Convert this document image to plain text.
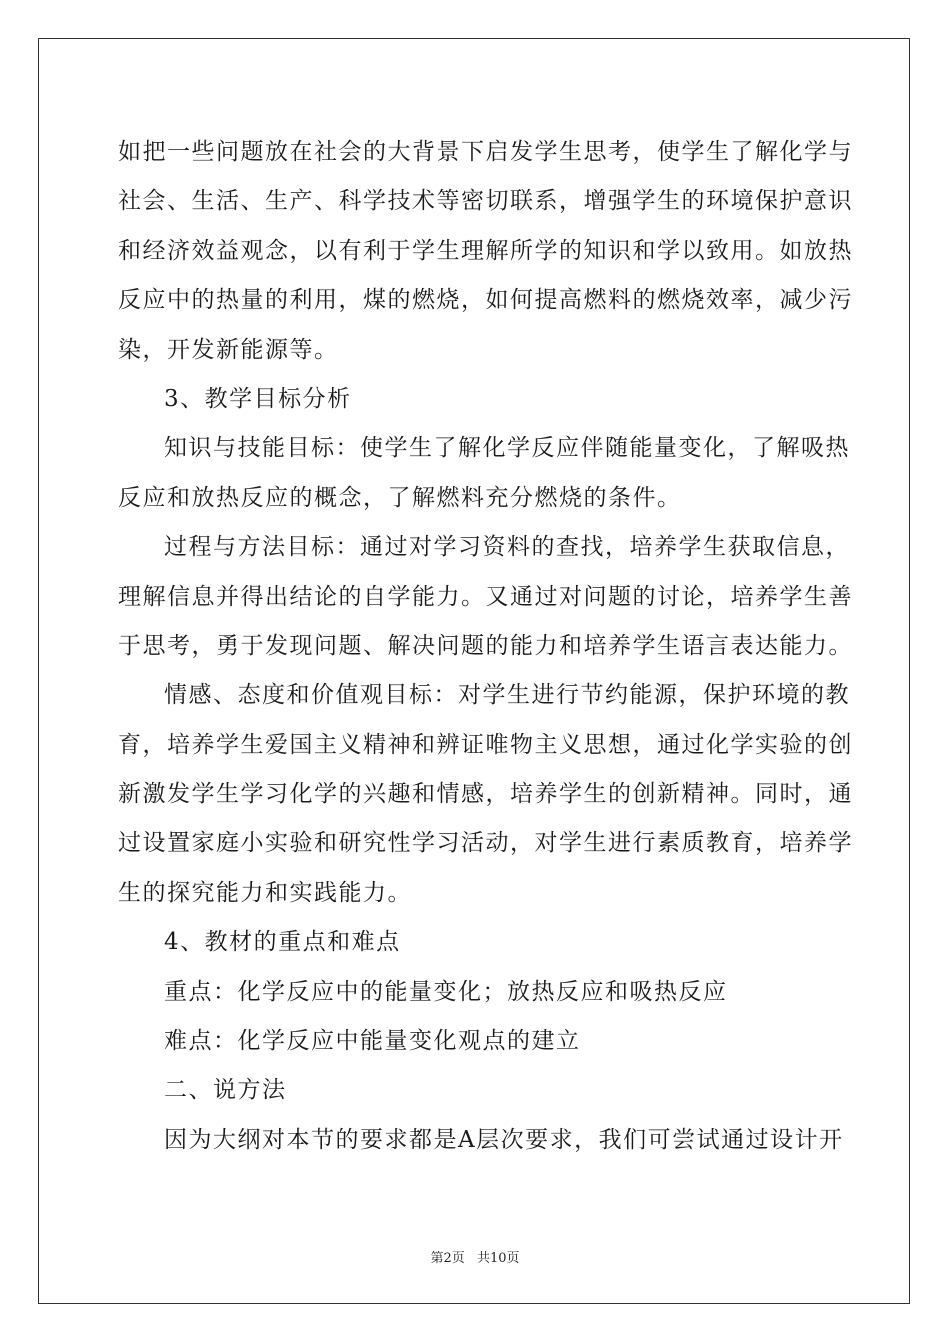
如把一些问题放在社会的大背景下启发学生思考，使学生了解化学与
社会、生活、生产、科学技术等密切联系，增强学生的环境保护意识
和经济效益观念，以有利于学生理解所学的知识和学以致用。如放热
反应中的热量的利用，煤的燃烧，如何提高燃料的燃烧效率，减少污
染，开发新能源等。
3、教学目标分析
知识与技能目标：使学生了解化学反应伴随能量变化，了解吸热
反应和放热反应的概念，了解燃料充分燃烧的条件。
过程与方法目标：通过对学习资料的查找，培养学生获取信息，
理解信息并得出结论的自学能力。又通过对问题的讨论，培养学生善
于思考，勇于发现问题、解决问题的能力和培养学生语言表达能力。
情感、态度和价值观目标：对学生进行节约能源，保护环境的教
育，培养学生爱国主义精神和辨证唯物主义思想，通过化学实验的创
新激发学生学习化学的兴趣和情感，培养学生的创新精神。同时，通
过设置家庭小实验和研究性学习活动，对学生进行素质教育，培养学
生的探究能力和实践能力。
4、教材的重点和难点
重点：化学反应中的能量变化；放热反应和吸热反应
难点：化学反应中能量变化观点的建立
二、说方法
因为大纲对本节的要求都是A层次要求，我们可尝试通过设计开
第2页 共10页
